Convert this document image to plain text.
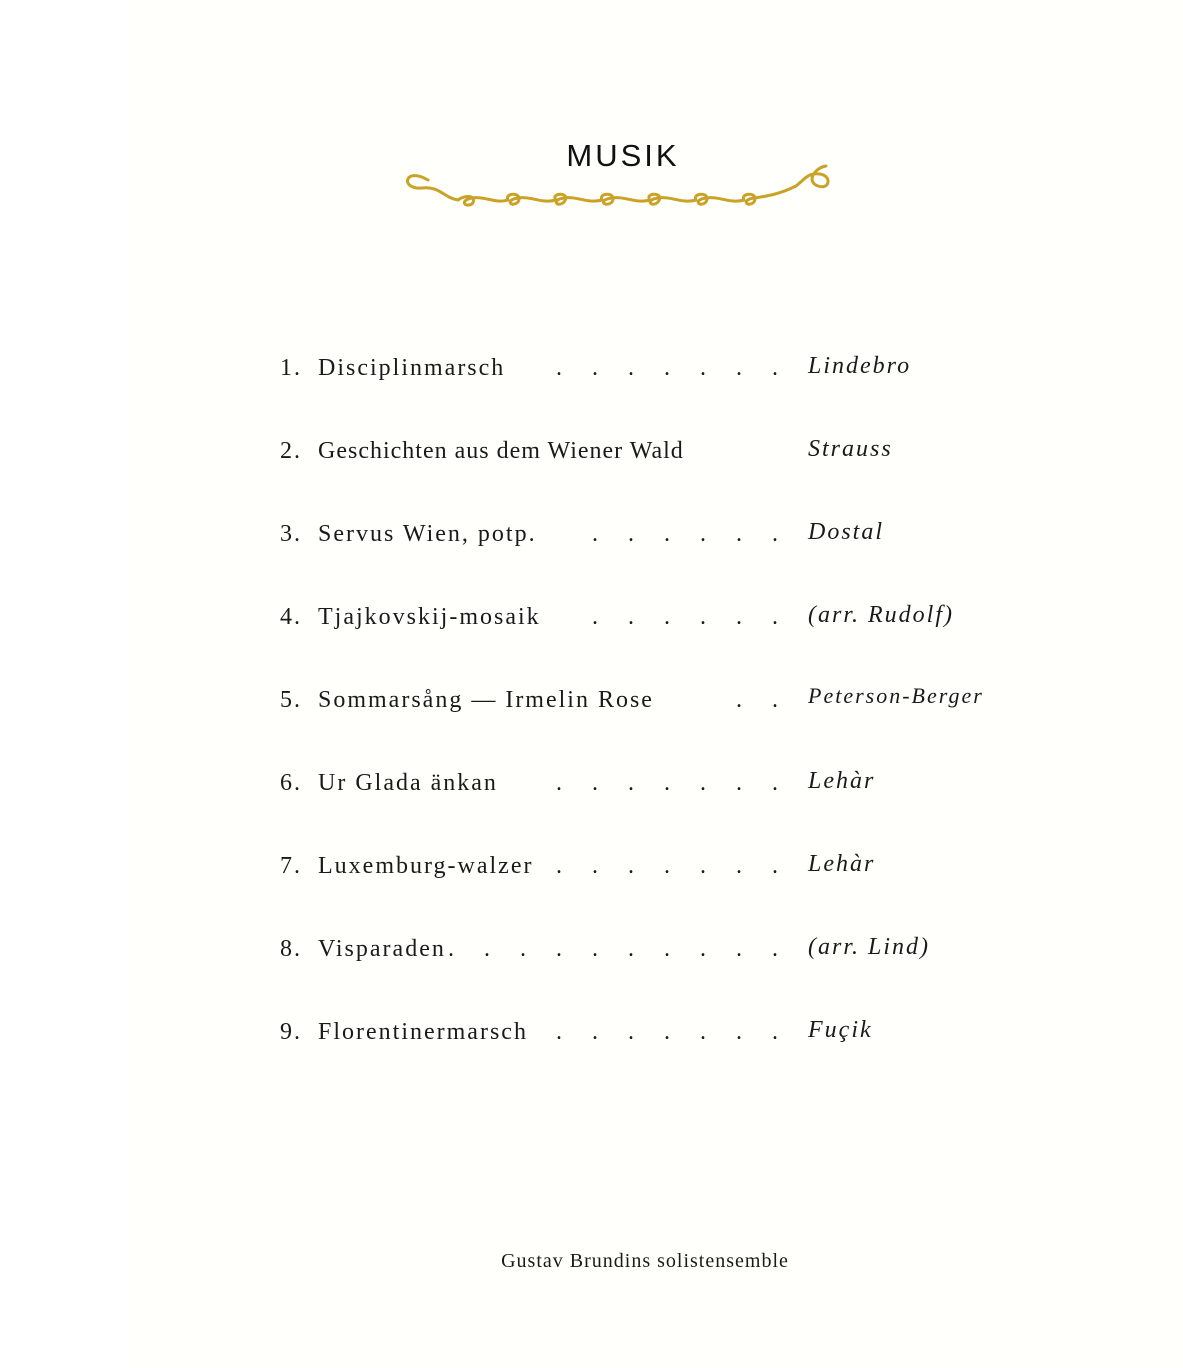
MUSIK
1. Disciplinmarsch . . . . . . . Lindebro
2. Geschichten aus dem Wiener Wald	Strauss
3. Servus Wien, potp. . . . . . . Dostal
4. Tjajkovskij-mosaik . . . . . . (arr. Rudolf)
5. Sommarsång — Irmelin Rose	. . Peterson-Berger
6. Ur Glada änkan . . . . . . . Lehàr
7. Luxemburg-walzer . . . . . . . Lehàr
8. Visparaden . . . . . . . . . . (arr. Lind)
9. Florentinermarsch . . . . . . . Fuçik
Gustav Brundins solistensemble
